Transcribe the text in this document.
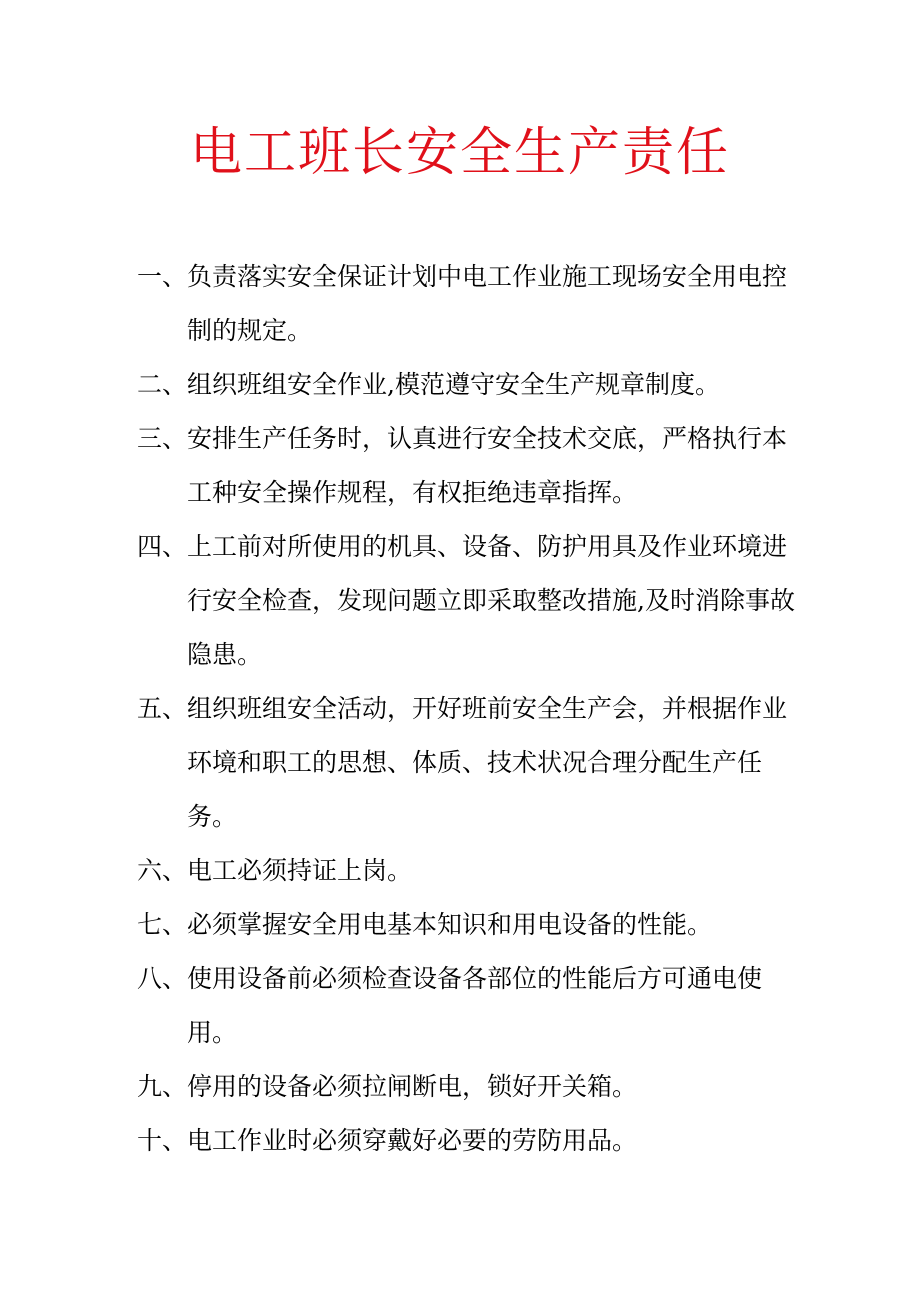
电工班长安全生产责任
一、 负责落实安全保证计划中电工作业施工现场安全用电控制的规定。
二、 组织班组安全作业,模范遵守安全生产规章制度。
三、 安排生产任务时，认真进行安全技术交底，严格执行本工种安全操作规程，有权拒绝违章指挥。
四、 上工前对所使用的机具、设备、防护用具及作业环境进行安全检查，发现问题立即采取整改措施,及时消除事故隐患。
五、 组织班组安全活动，开好班前安全生产会，并根据作业环境和职工的思想、体质、技术状况合理分配生产任务。
六、 电工必须持证上岗。
七、 必须掌握安全用电基本知识和用电设备的性能。
八、 使用设备前必须检查设备各部位的性能后方可通电使用。
九、 停用的设备必须拉闸断电，锁好开关箱。
十、 电工作业时必须穿戴好必要的劳防用品。
